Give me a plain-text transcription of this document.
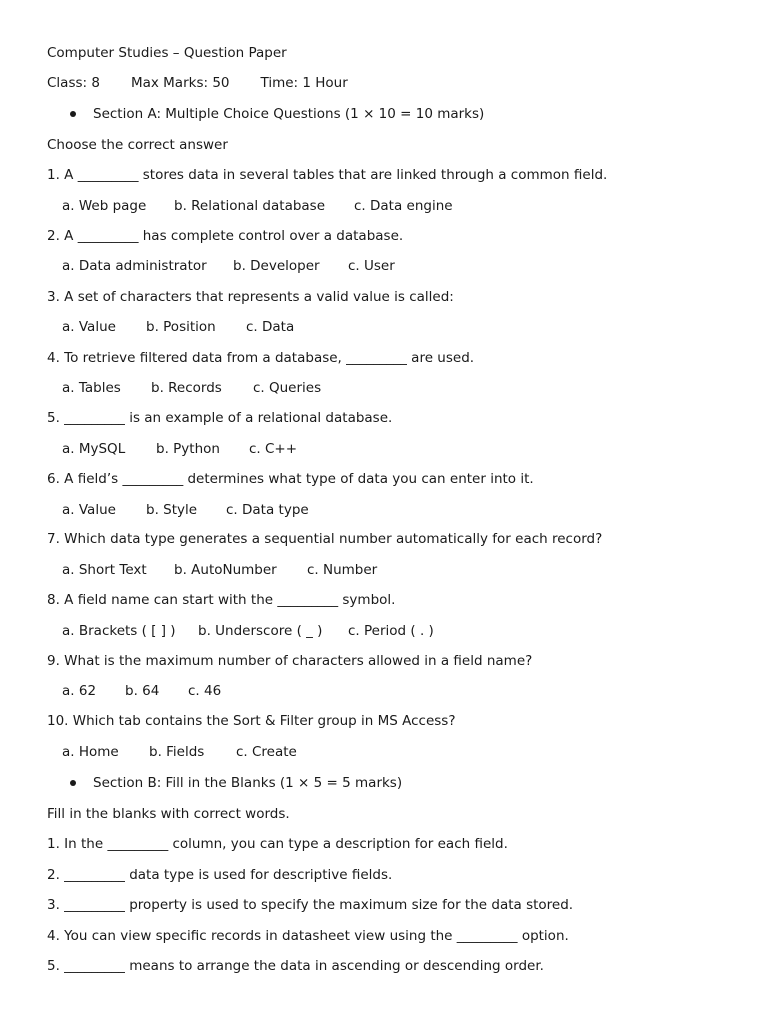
Computer Studies – Question Paper
Class: 8 Max Marks: 50 Time: 1 Hour
Section A: Multiple Choice Questions (1 × 10 = 10 marks)
Choose the correct answer
1. A _________ stores data in several tables that are linked through a common field.
a. Web page	b. Relational database	c. Data engine
2. A _________ has complete control over a database.
a. Data administrator	b. Developer	c. User
3. A set of characters that represents a valid value is called:
a. Value	b. Position	c. Data
4. To retrieve filtered data from a database, _________ are used.
a. Tables	b. Records	c. Queries
5. _________ is an example of a relational database.
a. MySQL	b. Python	c. C++
6. A field’s _________ determines what type of data you can enter into it.
a. Value	b. Style	c. Data type
7. Which data type generates a sequential number automatically for each record?
a. Short Text	b. AutoNumber	c. Number
8. A field name can start with the _________ symbol.
a. Brackets ( [ ] )	b. Underscore ( _ )	c. Period ( . )
9. What is the maximum number of characters allowed in a field name?
a. 62	b. 64	c. 46
10. Which tab contains the Sort & Filter group in MS Access?
a. Home	b. Fields	c. Create
Section B: Fill in the Blanks (1 × 5 = 5 marks)
Fill in the blanks with correct words.
1. In the _________ column, you can type a description for each field.
2. _________ data type is used for descriptive fields.
3. _________ property is used to specify the maximum size for the data stored.
4. You can view specific records in datasheet view using the _________ option.
5. _________ means to arrange the data in ascending or descending order.
